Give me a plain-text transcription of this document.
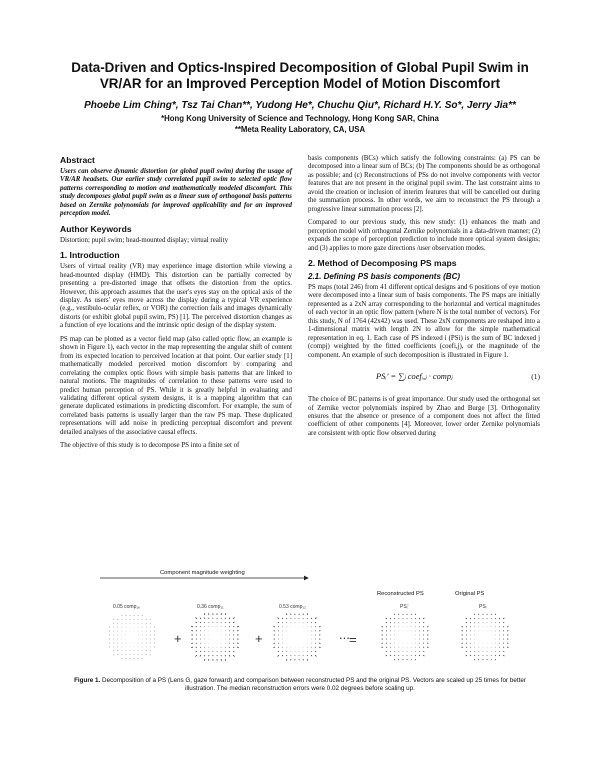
Data-Driven and Optics-Inspired Decomposition of Global Pupil Swim in VR/AR for an Improved Perception Model of Motion Discomfort
Phoebe Lim Ching*, Tsz Tai Chan**, Yudong He*, Chuchu Qiu*, Richard H.Y. So*, Jerry Jia**
*Hong Kong University of Science and Technology, Hong Kong SAR, China
**Meta Reality Laboratory, CA, USA
Abstract

Users can observe dynamic distortion (or global pupil swim) during the usage of VR/AR headsets. Our earlier study correlated pupil swim to selected optic flow patterns corresponding to motion and mathematically modeled discomfort. This study decomposes global pupil swim as a linear sum of orthogonal basis patterns based on Zernike polynomials for improved applicability and for an improved perception model.

Author Keywords

Distortion; pupil swim; head-mounted display; virtual reality

1. Introduction

Users of virtual reality (VR) may experience image distortion while viewing a head-mounted display (HMD). This distortion can be partially corrected by presenting a pre-distorted image that offsets the distortion from the optics. However, this approach assumes that the user's eyes stay on the optical axis of the display. As users' eyes move across the display during a typical VR experience (e.g., vestibulo-ocular reflex, or VOR) the correction fails and images dynamically distorts (or exhibit global pupil swim, PS) [1]. The perceived distortion changes as a function of eye locations and the intrinsic optic design of the display system.

PS map can be plotted as a vector field map (also called optic flow, an example is shown in Figure 1), each vector in the map representing the angular shift of content from its expected location to perceived location at that point. Our earlier study [1] mathematically modeled perceived motion discomfort by comparing and correlating the complex optic flows with simple basis patterns that are linked to natural motions. The magnitudes of correlation to these patterns were used to predict human perception of PS. While it is greatly helpful in evaluating and validating different optical system designs, it is a mapping algorithm that can generate duplicated estimations in predicting discomfort. For example, the sum of correlated basis patterns is usually larger than the raw PS map. These duplicated representations will add noise in predicting perceptual discomfort and prevent detailed analyses of the associative causal effects.

The objective of this study is to decompose PS into a finite set of

basis components (BCs) which satisfy the following constraints: (a) PS can be decomposed into a linear sum of BCs; (b) The components should be as orthogonal as possible; and (c) Reconstructions of PSs do not involve components with vector features that are not present in the original pupil swim. The last constraint aims to avoid the creation or inclusion of interim features that will be cancelled out during the summation process. In other words, we aim to reconstruct the PS through a progressive linear summation process [2].

Compared to our previous study, this new study: (1) enhances the math and perception model with orthogonal Zernike polynomials in a data-driven manner; (2) expands the scope of perception prediction to include more optical system designs; and (3) applies to more gaze directions /user observation modes.

2. Method of Decomposing PS maps
2.1. Defining PS basis components (BC)

PS maps (total 246) from 41 different optical designs and 6 positions of eye motion were decomposed into a linear sum of basis components. The PS maps are initially represented as a 2xN array corresponding to the horizontal and vertical magnitudes of each vector in an optic flow pattern (where N is the total number of vectors). For this study, N of 1764 (42x42) was used. These 2xN components are reshaped into a 1-dimensional matrix with length 2N to allow for the simple mathematical representation in eq. 1. Each case of PS indexed i (PSi) is the sum of BC indexed j (compj) weighted by the fitted coefficients (coefi,j), or the magnitude of the component. An example of such decomposition is illustrated in Figure 1.

PSᵢ' = ∑ⱼ coefᵢ,ⱼ · compⱼ	(1)

The choice of BC patterns is of great importance. Our study used the orthogonal set of Zernike vector polynomials inspired by Zhao and Burge [3]. Orthogonality ensures that the absence or presence of a component does not affect the fitted coefficient of other components [4]. Moreover, lower order Zernike polynomials are consistent with optic flow observed during

Component magnitude weighting
Reconstructed PS	Original PS
0.05 comp₁₆	0.36 comp₁₁	0.53 comp₁₂	PSᵢ'	PSᵢ
+	+	... =
Figure 1. Decomposition of a PS (Lens G, gaze forward) and comparison between reconstructed PS and the original PS. Vectors are scaled up 25 times for better illustration. The median reconstruction errors were 0.02 degrees before scaling up.
